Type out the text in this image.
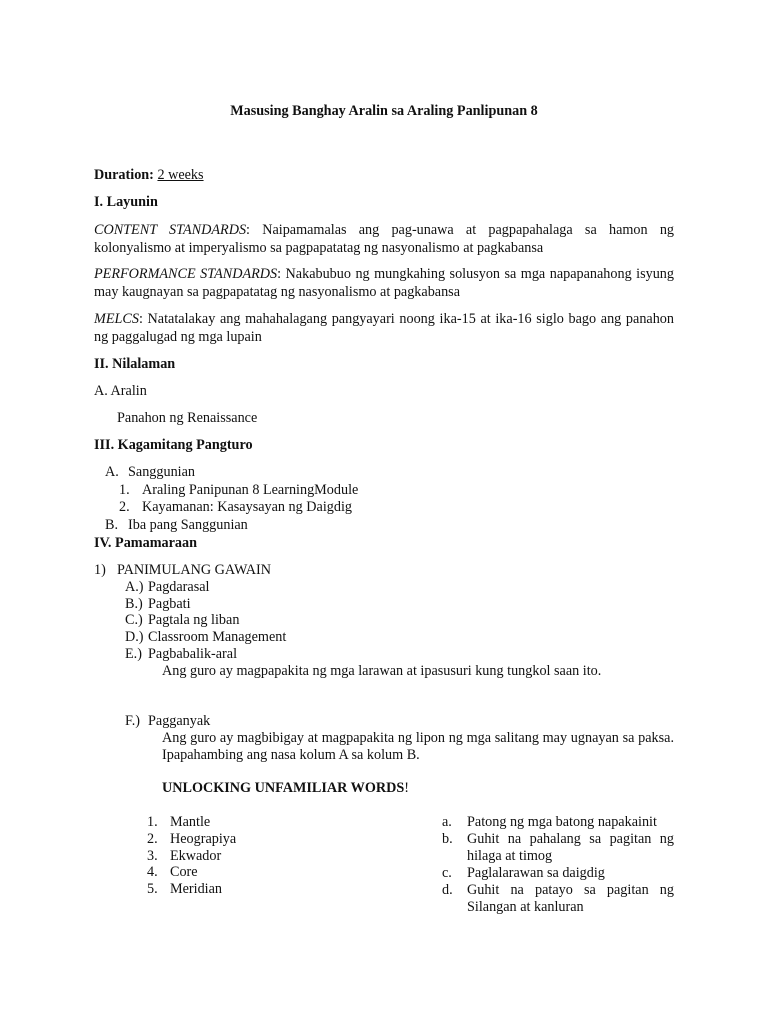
Masusing Banghay Aralin sa Araling Panlipunan 8
Duration: 2 weeks
I. Layunin
CONTENT STANDARDS: Naipamamalas ang pag-unawa at pagpapahalaga sa hamon ng kolonyalismo at imperyalismo sa pagpapatatag ng nasyonalismo at pagkabansa
PERFORMANCE STANDARDS: Nakabubuo ng mungkahing solusyon sa mga napapanahong isyung may kaugnayan sa pagpapatatag ng nasyonalismo at pagkabansa
MELCS: Natatalakay ang mahahalagang pangyayari noong ika-15 at ika-16 siglo bago ang panahon ng paggalugad ng mga lupain
II. Nilalaman
A. Aralin
Panahon ng Renaissance
III. Kagamitang Pangturo
A. Sanggunian
1. Araling Panipunan 8 LearningModule
2. Kayamanan: Kasaysayan ng Daigdig
B. Iba pang Sanggunian
IV. Pamamaraan
1) PANIMULANG GAWAIN
A.) Pagdarasal
B.) Pagbati
C.) Pagtala ng liban
D.) Classroom Management
E.) Pagbabalik-aral
Ang guro ay magpapakita ng mga larawan at ipasusuri kung tungkol saan ito.
F.) Pagganyak
Ang guro ay magbibigay at magpapakita ng lipon ng mga salitang may ugnayan sa paksa. Ipapahambing ang nasa kolum A sa kolum B.
UNLOCKING UNFAMILIAR WORDS!
1. Mantle
2. Heograpiya
3. Ekwador
4. Core
5. Meridian
a. Patong ng mga batong napakainit
b. Guhit na pahalang sa pagitan ng hilaga at timog
c. Paglalarawan sa daigdig
d. Guhit na patayo sa pagitan ng Silangan at kanluran
